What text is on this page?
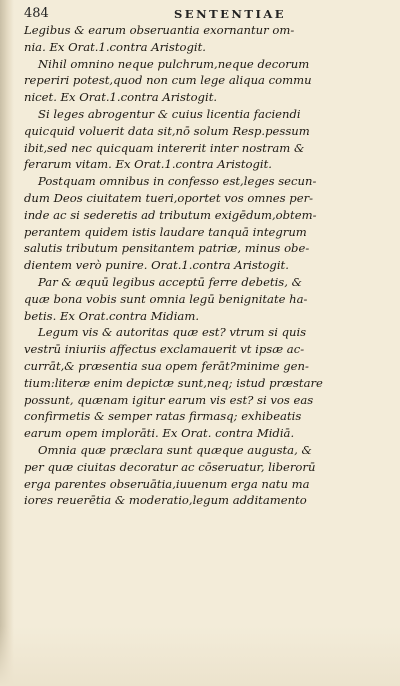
484	SENTENTIAE
Legibus & earum obseruantia exornantur om-
nia. Ex Orat.1.contra Aristogit.
Nihil omnino neque pulchrum,neque decorum
reperiri potest,quod non cum lege aliqua commu
nicet. Ex Orat.1.contra Aristogit.
Si leges abrogentur & cuius licentia faciendi
quicquid voluerit data sit,nō solum Resp.pessum
ibit,sed nec quicquam intererit inter nostram &
ferarum vitam. Ex Orat.1.contra Aristogit.
Postquam omnibus in confesso est,leges secun-
dum Deos ciuitatem tueri,oportet vos omnes per-
inde ac si sederetis ad tributum exigēdum,obtem-
perantem quidem istis laudare tanquā integrum
salutis tributum pensitantem patriæ, minus obe-
dientem verò punire. Orat.1.contra Aristogit.
Par & æquū legibus acceptū ferre debetis, &
quæ bona vobis sunt omnia legū benignitate ha-
betis. Ex Orat.contra Midiam.
Legum vis & autoritas quæ est? vtrum si quis
vestrū iniuriis affectus exclamauerit vt ipsæ ac-
currāt,& præsentia sua opem ferāt?minime gen-
tium:literæ enim depictæ sunt,neq; istud præstare
possunt, quænam igitur earum vis est? si vos eas
confirmetis & semper ratas firmasq; exhibeatis
earum opem implorāti. Ex Orat. contra Midiā.
Omnia quæ præclara sunt quæque augusta, &
per quæ ciuitas decoratur ac cōseruatur, liberorū
erga parentes obseruātia,iuuenum erga natu ma
iores reuerētia & moderatio,legum additamento
